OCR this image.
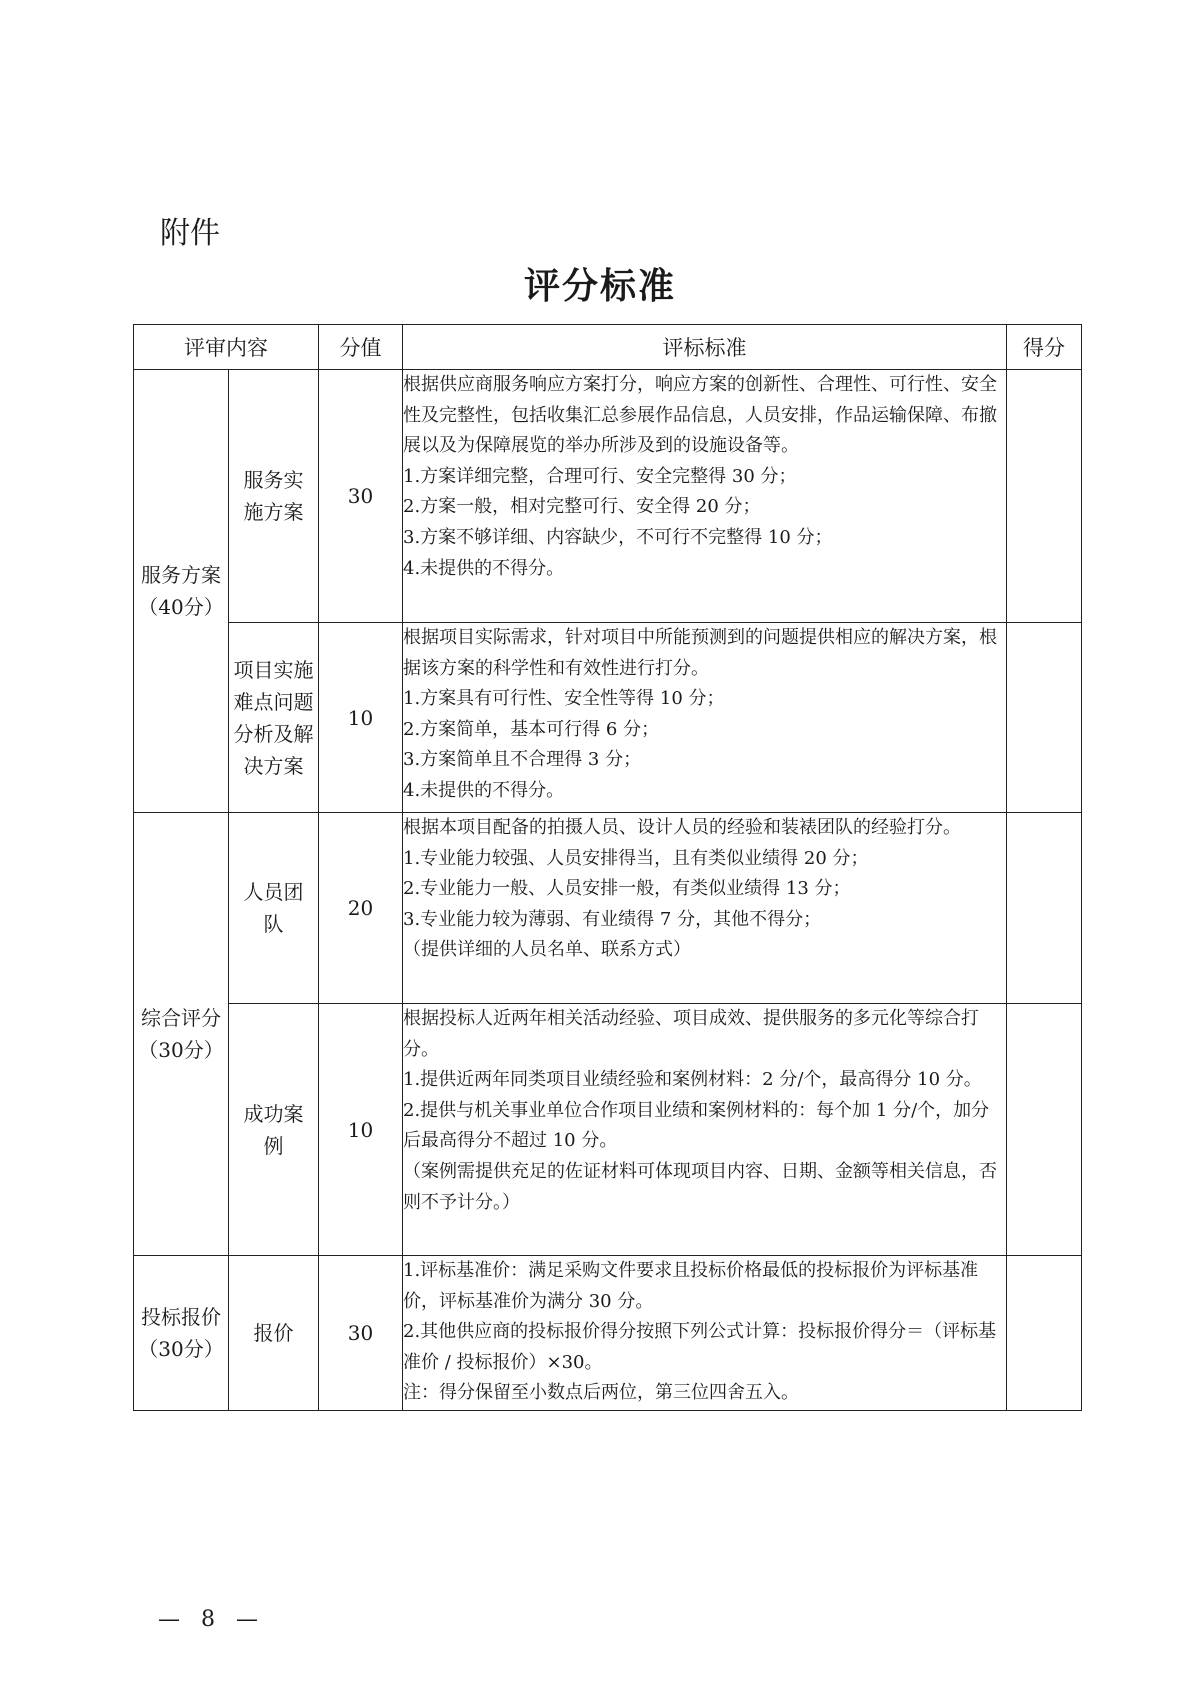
附件
评分标准
评审内容		分值	评标标准	得分
服务方案（40分）	服务实施方案	30	根据供应商服务响应方案打分，响应方案的创新性、合理性、可行性、安全性及完整性，包括收集汇总参展作品信息，人员安排，作品运输保障、布撤展以及为保障展览的举办所涉及到的设施设备等。

1.方案详细完整，合理可行、安全完整得 30 分；

2.方案一般，相对完整可行、安全得 20 分；

3.方案不够详细、内容缺少，不可行不完整得 10 分；

4.未提供的不得分。	

	项目实施难点问题分析及解决方案	10	根据项目实际需求，针对项目中所能预测到的问题提供相应的解决方案，根据该方案的科学性和有效性进行打分。

1.方案具有可行性、安全性等得 10 分；

2.方案简单，基本可行得 6 分；

3.方案简单且不合理得 3 分；

4.未提供的不得分。	

综合评分（30分）	人员团队	20	根据本项目配备的拍摄人员、设计人员的经验和装裱团队的经验打分。

1.专业能力较强、人员安排得当，且有类似业绩得 20 分；

2.专业能力一般、人员安排一般，有类似业绩得 13 分；

3.专业能力较为薄弱、有业绩得 7 分，其他不得分；

（提供详细的人员名单、联系方式）	

	成功案例	10	根据投标人近两年相关活动经验、项目成效、提供服务的多元化等综合打分。

1.提供近两年同类项目业绩经验和案例材料：2 分/个，最高得分 10 分。

2.提供与机关事业单位合作项目业绩和案例材料的：每个加 1 分/个，加分后最高得分不超过 10 分。

（案例需提供充足的佐证材料可体现项目内容、日期、金额等相关信息，否则不予计分。）	

投标报价（30分）	报价	30	1.评标基准价：满足采购文件要求且投标价格最低的投标报价为评标基准价，评标基准价为满分 30 分。

2.其他供应商的投标报价得分按照下列公式计算：投标报价得分＝（评标基准价 / 投标报价）×30。

注：得分保留至小数点后两位，第三位四舍五入。	

— 8 —
